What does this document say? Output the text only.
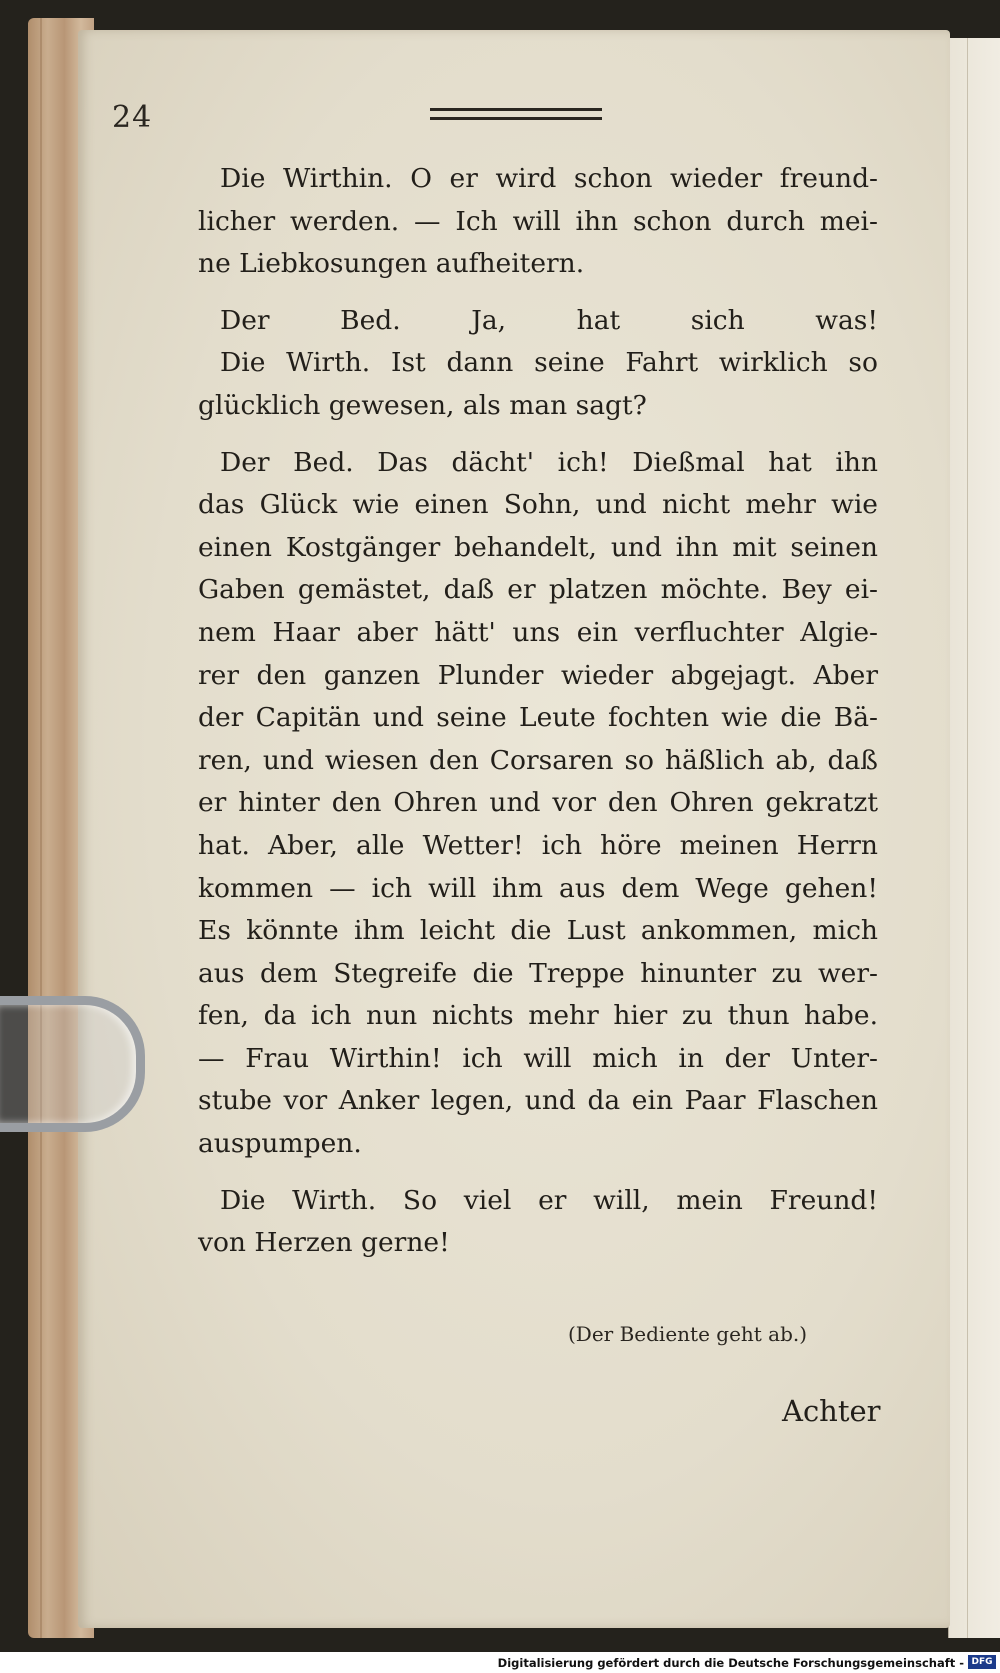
24
Die Wirthin. O er wird schon wieder freund-
licher werden. — Ich will ihn schon durch mei-
ne Liebkosungen aufheitern.
Der Bed. Ja, hat sich was!
Die Wirth. Ist dann seine Fahrt wirklich so
glücklich gewesen, als man sagt?
Der Bed. Das dächt' ich! Dießmal hat ihn
das Glück wie einen Sohn, und nicht mehr wie
einen Kostgänger behandelt, und ihn mit seinen
Gaben gemästet, daß er platzen möchte. Bey ei-
nem Haar aber hätt' uns ein verfluchter Algie-
rer den ganzen Plunder wieder abgejagt. Aber
der Capitän und seine Leute fochten wie die Bä-
ren, und wiesen den Corsaren so häßlich ab, daß
er hinter den Ohren und vor den Ohren gekratzt
hat. Aber, alle Wetter! ich höre meinen Herrn
kommen — ich will ihm aus dem Wege gehen!
Es könnte ihm leicht die Lust ankommen, mich
aus dem Stegreife die Treppe hinunter zu wer-
fen, da ich nun nichts mehr hier zu thun habe.
— Frau Wirthin! ich will mich in der Unter-
stube vor Anker legen, und da ein Paar Flaschen
auspumpen.
Die Wirth. So viel er will, mein Freund!
von Herzen gerne!
(Der Bediente geht ab.)
Achter
Digitalisierung gefördert durch die Deutsche Forschungsgemeinschaft - DFG
